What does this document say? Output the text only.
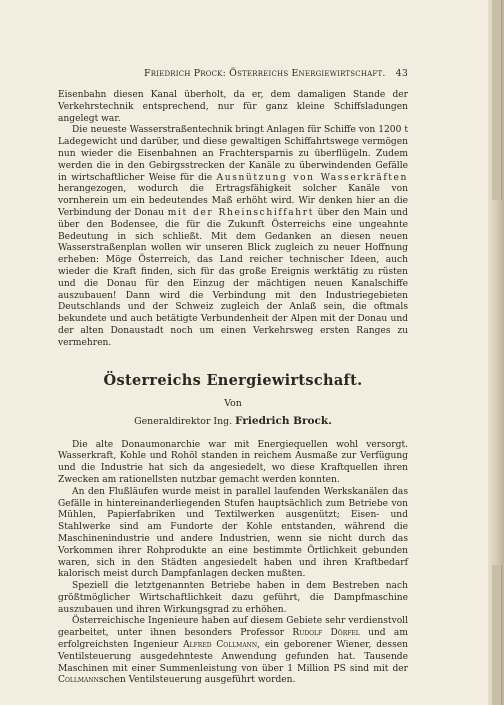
Friedrich Prock: Österreichs Energiewirtschaft. 43

Eisenbahn diesen Kanal überholt, da er, dem damaligen Stande der Verkehrstechnik entsprechend, nur für ganz kleine Schiffsladungen angelegt war.

Die neueste Wasserstraßentechnik bringt Anlagen für Schiffe von 1200 t Ladegewicht und darüber, und diese gewaltigen Schiffahrtswege vermögen nun wieder die Eisenbahnen an Frachtersparnis zu überflügeln. Zudem werden die in den Gebirgsstrecken der Kanäle zu überwindenden Gefälle in wirtschaftlicher Weise für die Ausnützung von Wasserkräften herangezogen, wodurch die Ertragsfähigkeit solcher Kanäle von vornherein um ein bedeutendes Maß erhöht wird. Wir denken hier an die Verbindung der Donau mit der Rheinschiffahrt über den Main und über den Bodensee, die für die Zukunft Österreichs eine ungeahnte Bedeutung in sich schließt. Mit dem Gedanken an diesen neuen Wasserstraßenplan wollen wir unseren Blick zugleich zu neuer Hoffnung erheben: Möge Österreich, das Land reicher technischer Ideen, auch wieder die Kraft finden, sich für das große Ereignis werktätig zu rüsten und die Donau für den Einzug der mächtigen neuen Kanalschiffe auszubauen! Dann wird die Verbindung mit den Industriegebieten Deutschlands und der Schweiz zugleich der Anlaß sein, die oftmals bekundete und auch betätigte Verbundenheit der Alpen mit der Donau und der alten Donaustadt noch um einen Verkehrsweg ersten Ranges zu vermehren.

Österreichs Energiewirtschaft.
Von
Generaldirektor Ing. Friedrich Brock.

Die alte Donaumonarchie war mit Energiequellen wohl versorgt. Wasserkraft, Kohle und Rohöl standen in reichem Ausmaße zur Verfügung und die Industrie hat sich da angesiedelt, wo diese Kraftquellen ihren Zwecken am rationellsten nutzbar gemacht werden konnten.

An den Flußläufen wurde meist in parallel laufenden Werkskanälen das Gefälle in hintereinanderliegenden Stufen hauptsächlich zum Betriebe von Mühlen, Papierfabriken und Textilwerken ausgenützt; Eisen- und Stahlwerke sind am Fundorte der Kohle entstanden, während die Maschinenindustrie und andere Industrien, wenn sie nicht durch das Vorkommen ihrer Rohprodukte an eine bestimmte Örtlichkeit gebunden waren, sich in den Städten angesiedelt haben und ihren Kraftbedarf kalorisch meist durch Dampfanlagen decken mußten.

Speziell die letztgenannten Betriebe haben in dem Bestreben nach größtmöglicher Wirtschaftlichkeit dazu geführt, die Dampfmaschine auszubauen und ihren Wirkungsgrad zu erhöhen.

Österreichische Ingenieure haben auf diesem Gebiete sehr verdienstvoll gearbeitet, unter ihnen besonders Professor Rudolf Dörfel und am erfolgreichsten Ingenieur Alfred Collmann, ein geborener Wiener, dessen Ventilsteuerung ausgedehnteste Anwendung gefunden hat. Tausende Maschinen mit einer Summenleistung von über 1 Million PS sind mit der Collmannschen Ventilsteuerung ausgeführt worden.
